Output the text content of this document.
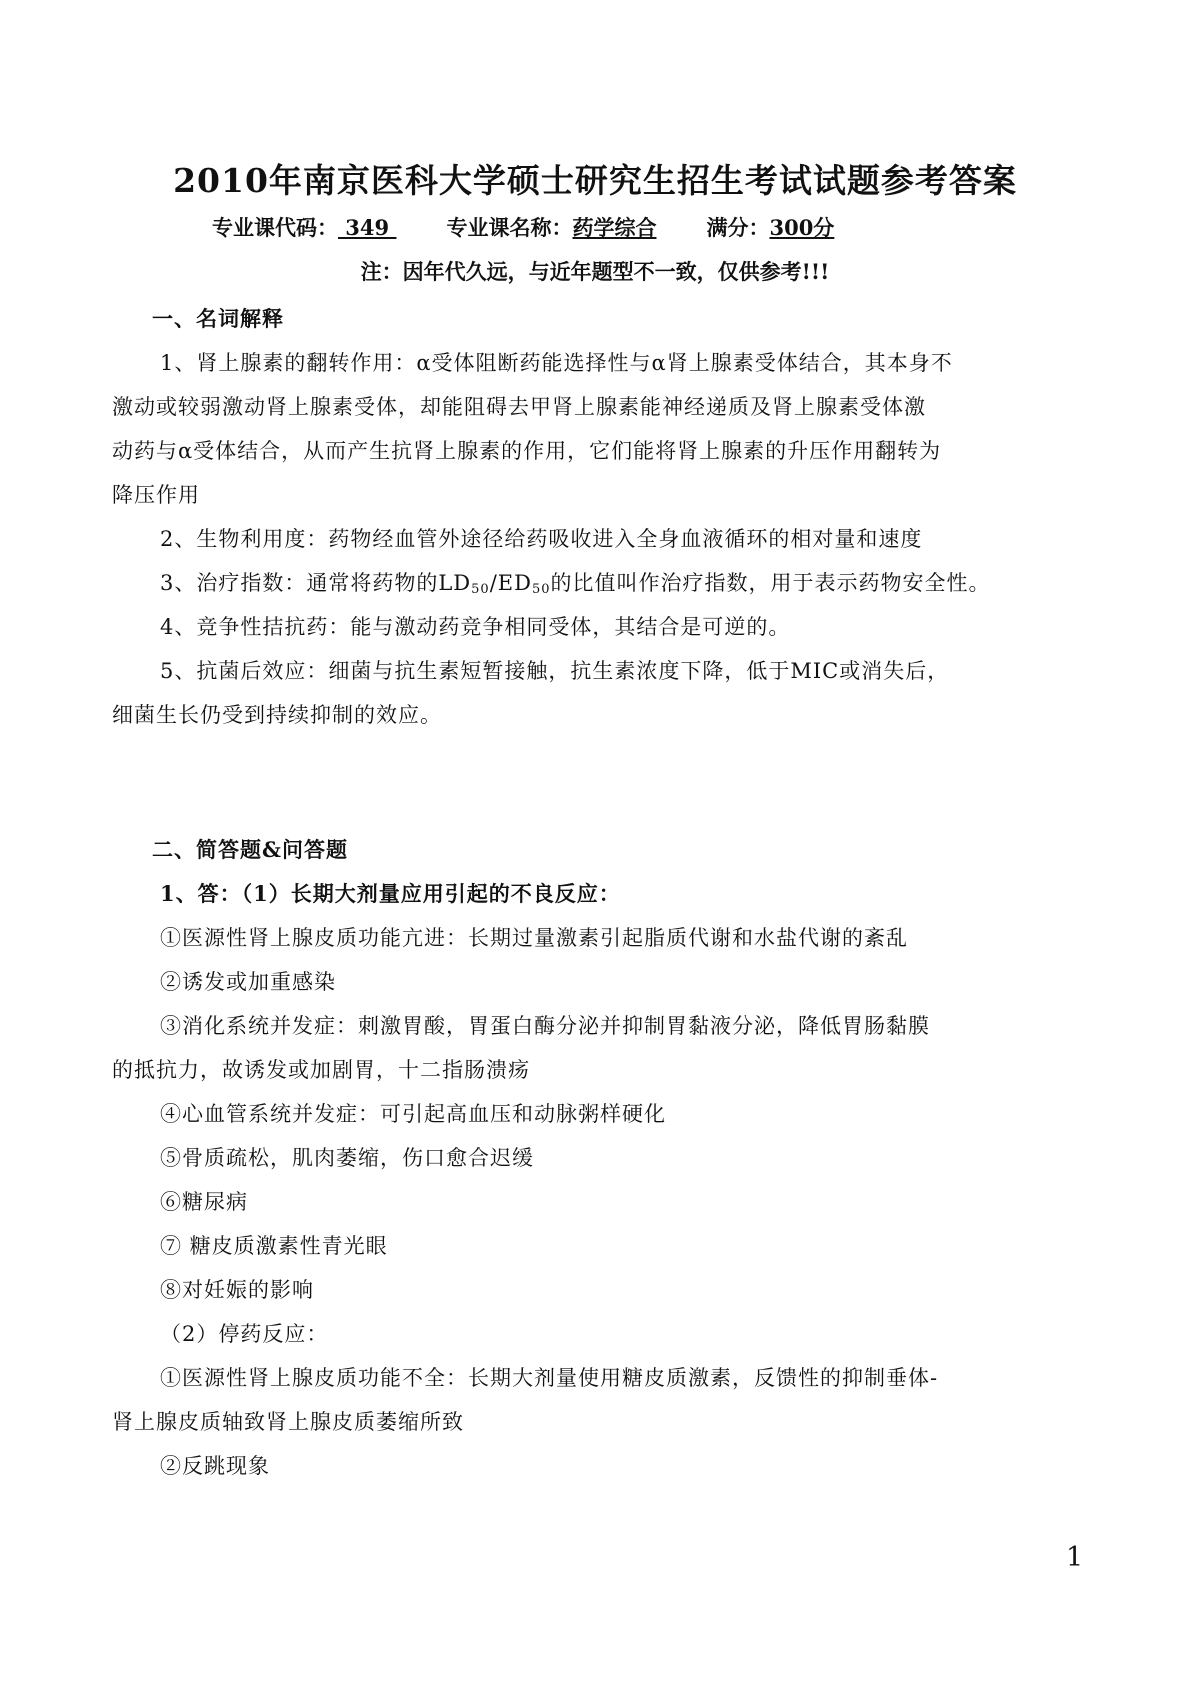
2010年南京医科大学硕士研究生招生考试试题参考答案
专业课代码： 349 专业课名称：药学综合 满分：300分
注：因年代久远，与近年题型不一致，仅供参考!!!
一、名词解释
1、肾上腺素的翻转作用：α受体阻断药能选择性与α肾上腺素受体结合，其本身不
激动或较弱激动肾上腺素受体，却能阻碍去甲肾上腺素能神经递质及肾上腺素受体激
动药与α受体结合，从而产生抗肾上腺素的作用，它们能将肾上腺素的升压作用翻转为
降压作用
2、生物利用度：药物经血管外途径给药吸收进入全身血液循环的相对量和速度
3、治疗指数：通常将药物的$LD_{50}/ED_{50}$的比值叫作治疗指数，用于表示药物安全性。
4、竞争性拮抗药：能与激动药竞争相同受体，其结合是可逆的。
5、抗菌后效应：细菌与抗生素短暂接触，抗生素浓度下降，低于MIC或消失后，
细菌生长仍受到持续抑制的效应。
二、简答题&问答题
1、答：（1）长期大剂量应用引起的不良反应：
①医源性肾上腺皮质功能亢进：长期过量激素引起脂质代谢和水盐代谢的紊乱
②诱发或加重感染
③消化系统并发症：刺激胃酸，胃蛋白酶分泌并抑制胃黏液分泌，降低胃肠黏膜
的抵抗力，故诱发或加剧胃，十二指肠溃疡
④心血管系统并发症：可引起高血压和动脉粥样硬化
⑤骨质疏松，肌肉萎缩，伤口愈合迟缓
⑥糖尿病
⑦ 糖皮质激素性青光眼
⑧对妊娠的影响
（2）停药反应：
①医源性肾上腺皮质功能不全：长期大剂量使用糖皮质激素，反馈性的抑制垂体-
肾上腺皮质轴致肾上腺皮质萎缩所致
②反跳现象
1
